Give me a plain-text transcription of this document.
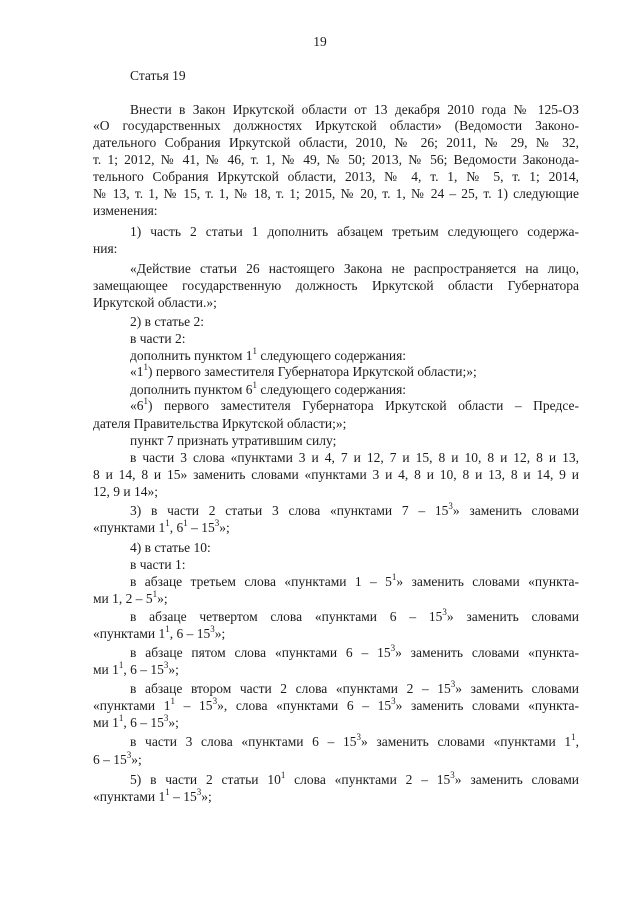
19
Статья 19
Внести в Закон Иркутской области от 13 декабря 2010 года № 125-ОЗ
«О государственных должностях Иркутской области» (Ведомости Законо-
дательного Собрания Иркутской области, 2010, № 26; 2011, № 29, № 32,
т. 1; 2012, № 41, № 46, т. 1, № 49, № 50; 2013, № 56; Ведомости Законода-
тельного Собрания Иркутской области, 2013, № 4, т. 1, № 5, т. 1; 2014,
№ 13, т. 1, № 15, т. 1, № 18, т. 1; 2015, № 20, т. 1, № 24 – 25, т. 1) следующие
изменения:
1) часть 2 статьи 1 дополнить абзацем третьим следующего содержа-
ния:
«Действие статьи 26 настоящего Закона не распространяется на лицо,
замещающее государственную должность Иркутской области Губернатора
Иркутской области.»;
2) в статье 2:
в части 2:
дополнить пунктом $1^1$ следующего содержания:
«$1^1$) первого заместителя Губернатора Иркутской области;»;
дополнить пунктом $6^1$ следующего содержания:
«$6^1$) первого заместителя Губернатора Иркутской области – Предсе-
дателя Правительства Иркутской области;»;
пункт 7 признать утратившим силу;
в части 3 слова «пунктами 3 и 4, 7 и 12, 7 и 15, 8 и 10, 8 и 12, 8 и 13,
8 и 14, 8 и 15» заменить словами «пунктами 3 и 4, 8 и 10, 8 и 13, 8 и 14, 9 и
12, 9 и 14»;
3) в части 2 статьи 3 слова «пунктами $7 - 15^3$» заменить словами
«пунктами $1^1$, $6^1 - 15^3$»;
4) в статье 10:
в части 1:
в абзаце третьем слова «пунктами $1 - 5^1$» заменить словами «пункта-
ми 1, $2 - 5^1$»;
в абзаце четвертом слова «пунктами $6 - 15^3$» заменить словами
«пунктами $1^1$, $6 - 15^3$»;
в абзаце пятом слова «пунктами $6 - 15^3$» заменить словами «пункта-
ми $1^1$, $6 - 15^3$»;
в абзаце втором части 2 слова «пунктами $2 - 15^3$» заменить словами
«пунктами $1^1 - 15^3$», слова «пунктами $6 - 15^3$» заменить словами «пункта-
ми $1^1$, $6 - 15^3$»;
в части 3 слова «пунктами $6 - 15^3$» заменить словами «пунктами $1^1$,
$6 - 15^3$»;
5) в части 2 статьи $10^1$ слова «пунктами $2 - 15^3$» заменить словами
«пунктами $1^1 - 15^3$»;
